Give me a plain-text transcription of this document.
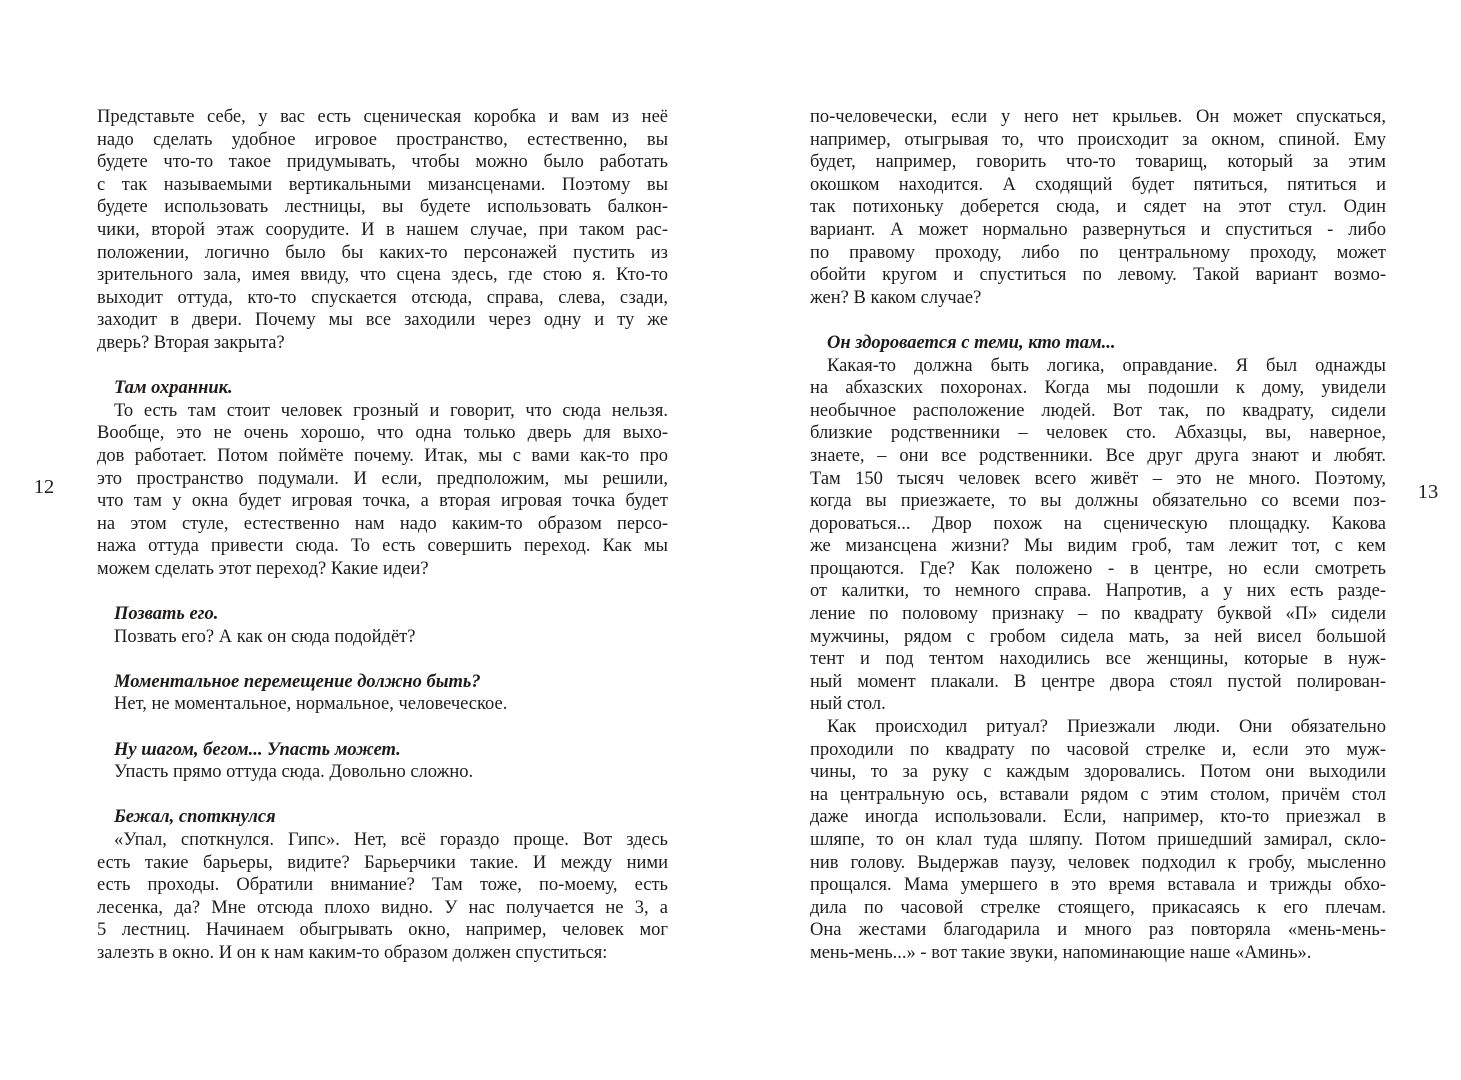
12
Представьте себе, у вас есть сценическая коробка и вам из неё
надо сделать удобное игровое пространство, естественно, вы
будете что-то такое придумывать, чтобы можно было работать
с так называемыми вертикальными мизансценами. Поэтому вы
будете использовать лестницы, вы будете использовать балкон-
чики, второй этаж соорудите. И в нашем случае, при таком рас-
положении, логично было бы каких-то персонажей пустить из
зрительного зала, имея ввиду, что сцена здесь, где стою я. Кто-то
выходит оттуда, кто-то спускается отсюда, справа, слева, сзади,
заходит в двери. Почему мы все заходили через одну и ту же
дверь? Вторая закрыта?
Там охранник.
То есть там стоит человек грозный и говорит, что сюда нельзя.
Вообще, это не очень хорошо, что одна только дверь для выхо-
дов работает. Потом поймёте почему. Итак, мы с вами как-то про
это пространство подумали. И если, предположим, мы решили,
что там у окна будет игровая точка, а вторая игровая точка будет
на этом стуле, естественно нам надо каким-то образом персо-
нажа оттуда привести сюда. То есть совершить переход. Как мы
можем сделать этот переход? Какие идеи?
Позвать его.
Позвать его? А как он сюда подойдёт?
Моментальное перемещение должно быть?
Нет, не моментальное, нормальное, человеческое.
Ну шагом, бегом... Упасть может.
Упасть прямо оттуда сюда. Довольно сложно.
Бежал, споткнулся
«Упал, споткнулся. Гипс». Нет, всё гораздо проще. Вот здесь
есть такие барьеры, видите? Барьерчики такие. И между ними
есть проходы. Обратили внимание? Там тоже, по-моему, есть
лесенка, да? Мне отсюда плохо видно. У нас получается не 3, а
5 лестниц. Начинаем обыгрывать окно, например, человек мог
залезть в окно. И он к нам каким-то образом должен спуститься:
по-человечески, если у него нет крыльев. Он может спускаться,
например, отыгрывая то, что происходит за окном, спиной. Ему
будет, например, говорить что-то товарищ, который за этим
окошком находится. А сходящий будет пятиться, пятиться и
так потихоньку доберется сюда, и сядет на этот стул. Один
вариант. А может нормально развернуться и спуститься - либо
по правому проходу, либо по центральному проходу, может
обойти кругом и спуститься по левому. Такой вариант возмо-
жен? В каком случае?
Он здоровается с теми, кто там...
Какая-то должна быть логика, оправдание. Я был однажды
на абхазских похоронах. Когда мы подошли к дому, увидели
необычное расположение людей. Вот так, по квадрату, сидели
близкие родственники – человек сто. Абхазцы, вы, наверное,
знаете, – они все родственники. Все друг друга знают и любят.
Там 150 тысяч человек всего живёт – это не много. Поэтому,
когда вы приезжаете, то вы должны обязательно со всеми поз-
дороваться... Двор похож на сценическую площадку. Какова
же мизансцена жизни? Мы видим гроб, там лежит тот, с кем
прощаются. Где? Как положено - в центре, но если смотреть
от калитки, то немного справа. Напротив, а у них есть разде-
ление по половому признаку – по квадрату буквой «П» сидели
мужчины, рядом с гробом сидела мать, за ней висел большой
тент и под тентом находились все женщины, которые в нуж-
ный момент плакали. В центре двора стоял пустой полирован-
ный стол.
Как происходил ритуал? Приезжали люди. Они обязательно
проходили по квадрату по часовой стрелке и, если это муж-
чины, то за руку с каждым здоровались. Потом они выходили
на центральную ось, вставали рядом с этим столом, причём стол
даже иногда использовали. Если, например, кто-то приезжал в
шляпе, то он клал туда шляпу. Потом пришедший замирал, скло-
нив голову. Выдержав паузу, человек подходил к гробу, мысленно
прощался. Мама умершего в это время вставала и трижды обхо-
дила по часовой стрелке стоящего, прикасаясь к его плечам.
Она жестами благодарила и много раз повторяла «мень-мень-
мень-мень...» - вот такие звуки, напоминающие наше «Аминь».
13
